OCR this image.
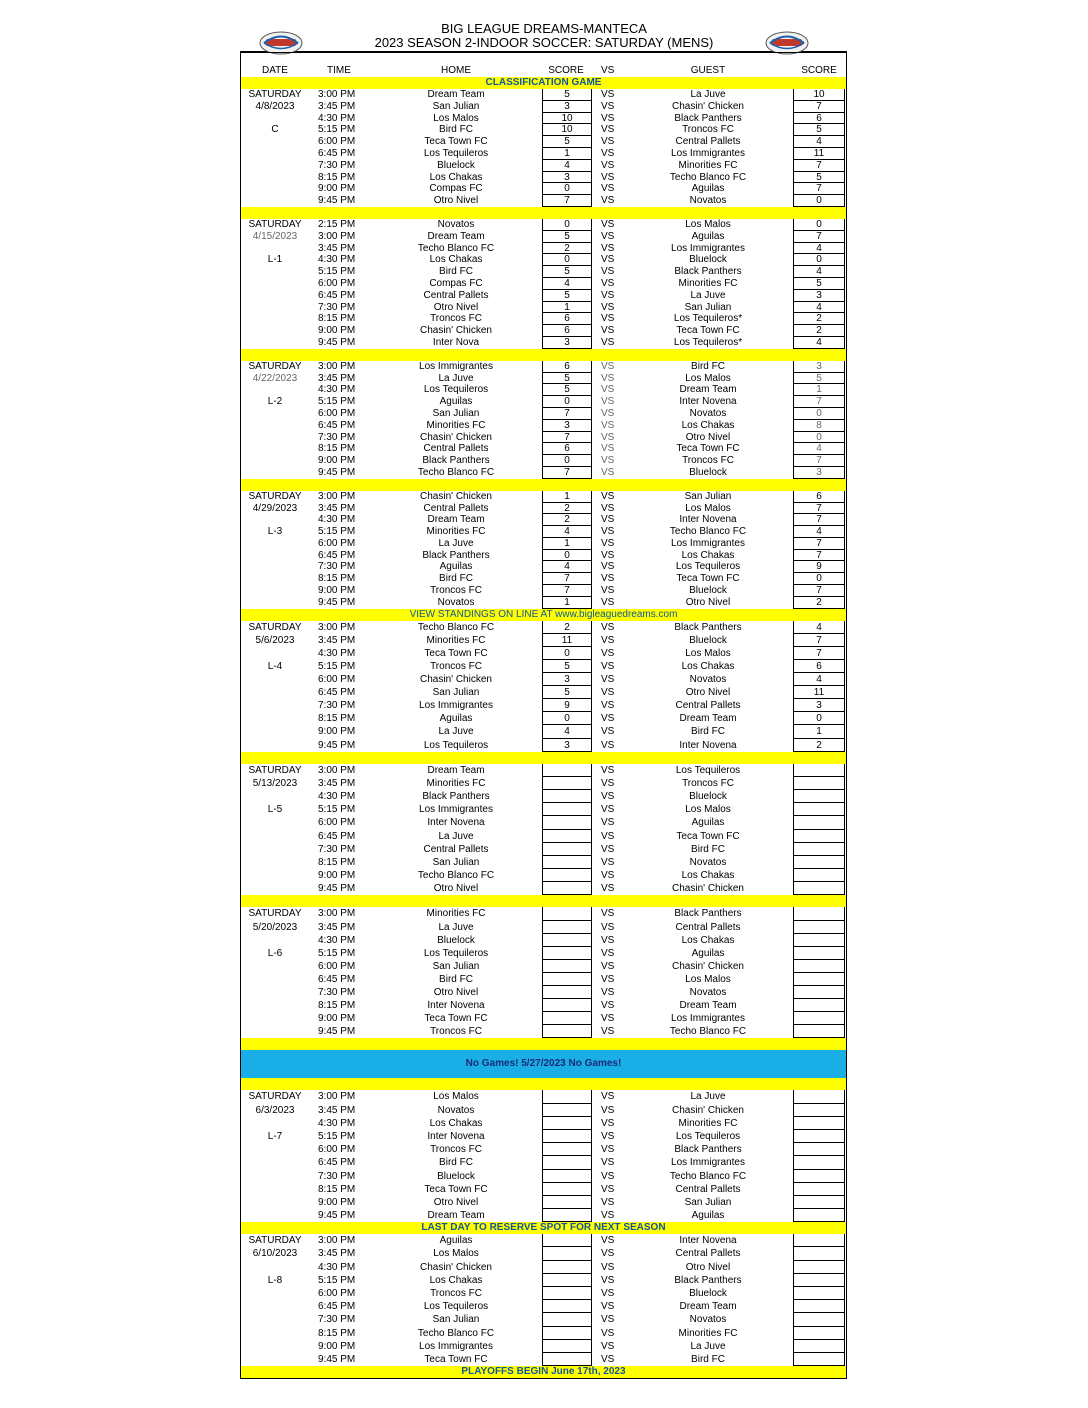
BIG LEAGUE DREAMS-MANTECA
2023 SEASON 2-INDOOR SOCCER: SATURDAY (MENS)
DATE	TIME	HOME	SCORE	VS	GUEST	SCORE
CLASSIFICATION GAME
SATURDAY	3:00 PM	Dream Team	5	VS	La Juve	10
4/8/2023	3:45 PM	San Julian	3	VS	Chasin' Chicken	7
4:30 PM	Los Malos	10	VS	Black Panthers	6
C	5:15 PM	Bird FC	10	VS	Troncos FC	5
6:00 PM	Teca Town FC	5	VS	Central Pallets	4
6:45 PM	Los Tequileros	1	VS	Los Immigrantes	11
7:30 PM	Bluelock	4	VS	Minorities FC	7
8:15 PM	Los Chakas	3	VS	Techo Blanco FC	5
9:00 PM	Compas FC	0	VS	Aguilas	7
9:45 PM	Otro Nivel	7	VS	Novatos	0
SATURDAY	2:15 PM	Novatos	0	VS	Los Malos	0
4/15/2023	3:00 PM	Dream Team	5	VS	Aguilas	7
3:45 PM	Techo Blanco FC	2	VS	Los Immigrantes	4
L-1	4:30 PM	Los Chakas	0	VS	Bluelock	0
5:15 PM	Bird FC	5	VS	Black Panthers	4
6:00 PM	Compas FC	4	VS	Minorities FC	5
6:45 PM	Central Pallets	5	VS	La Juve	3
7:30 PM	Otro Nivel	1	VS	San Julian	4
8:15 PM	Troncos FC	6	VS	Los Tequileros*	2
9:00 PM	Chasin' Chicken	6	VS	Teca Town FC	2
9:45 PM	Inter Nova	3	VS	Los Tequileros*	4
SATURDAY	3:00 PM	Los Immigrantes	6	VS	Bird FC	3
4/22/2023	3:45 PM	La Juve	5	VS	Los Malos	5
4:30 PM	Los Tequileros	5	VS	Dream Team	1
L-2	5:15 PM	Aguilas	0	VS	Inter Novena	7
6:00 PM	San Julian	7	VS	Novatos	0
6:45 PM	Minorities FC	3	VS	Los Chakas	8
7:30 PM	Chasin' Chicken	7	VS	Otro Nivel	0
8:15 PM	Central Pallets	6	VS	Teca Town FC	4
9:00 PM	Black Panthers	0	VS	Troncos FC	7
9:45 PM	Techo Blanco FC	7	VS	Bluelock	3
SATURDAY	3:00 PM	Chasin' Chicken	1	VS	San Julian	6
4/29/2023	3:45 PM	Central Pallets	2	VS	Los Malos	7
4:30 PM	Dream Team	2	VS	Inter Novena	7
L-3	5:15 PM	Minorities FC	4	VS	Techo Blanco FC	4
6:00 PM	La Juve	1	VS	Los Immigrantes	7
6:45 PM	Black Panthers	0	VS	Los Chakas	7
7:30 PM	Aguilas	4	VS	Los Tequileros	9
8:15 PM	Bird FC	7	VS	Teca Town FC	0
9:00 PM	Troncos FC	7	VS	Bluelock	7
9:45 PM	Novatos	1	VS	Otro Nivel	2
VIEW STANDINGS ON LINE AT www.bigleaguedreams.com
SATURDAY	3:00 PM	Techo Blanco FC	2	VS	Black Panthers	4
5/6/2023	3:45 PM	Minorities FC	11	VS	Bluelock	7
4:30 PM	Teca Town FC	0	VS	Los Malos	7
L-4	5:15 PM	Troncos FC	5	VS	Los Chakas	6
6:00 PM	Chasin' Chicken	3	VS	Novatos	4
6:45 PM	San Julian	5	VS	Otro Nivel	11
7:30 PM	Los Immigrantes	9	VS	Central Pallets	3
8:15 PM	Aguilas	0	VS	Dream Team	0
9:00 PM	La Juve	4	VS	Bird FC	1
9:45 PM	Los Tequileros	3	VS	Inter Novena	2
SATURDAY	3:00 PM	Dream Team	VS	Los Tequileros
5/13/2023	3:45 PM	Minorities FC	VS	Troncos FC
4:30 PM	Black Panthers	VS	Bluelock
L-5	5:15 PM	Los Immigrantes	VS	Los Malos
6:00 PM	Inter Novena	VS	Aguilas
6:45 PM	La Juve	VS	Teca Town FC
7:30 PM	Central Pallets	VS	Bird FC
8:15 PM	San Julian	VS	Novatos
9:00 PM	Techo Blanco FC	VS	Los Chakas
9:45 PM	Otro Nivel	VS	Chasin' Chicken
SATURDAY	3:00 PM	Minorities FC	VS	Black Panthers
5/20/2023	3:45 PM	La Juve	VS	Central Pallets
4:30 PM	Bluelock	VS	Los Chakas
L-6	5:15 PM	Los Tequileros	VS	Aguilas
6:00 PM	San Julian	VS	Chasin' Chicken
6:45 PM	Bird FC	VS	Los Malos
7:30 PM	Otro Nivel	VS	Novatos
8:15 PM	Inter Novena	VS	Dream Team
9:00 PM	Teca Town FC	VS	Los Immigrantes
9:45 PM	Troncos FC	VS	Techo Blanco FC
No Games! 5/27/2023 No Games!
SATURDAY	3:00 PM	Los Malos	VS	La Juve
6/3/2023	3:45 PM	Novatos	VS	Chasin' Chicken
4:30 PM	Los Chakas	VS	Minorities FC
L-7	5:15 PM	Inter Novena	VS	Los Tequileros
6:00 PM	Troncos FC	VS	Black Panthers
6:45 PM	Bird FC	VS	Los Immigrantes
7:30 PM	Bluelock	VS	Techo Blanco FC
8:15 PM	Teca Town FC	VS	Central Pallets
9:00 PM	Otro Nivel	VS	San Julian
9:45 PM	Dream Team	VS	Aguilas
LAST DAY TO RESERVE SPOT FOR NEXT SEASON
SATURDAY	3:00 PM	Aguilas	VS	Inter Novena
6/10/2023	3:45 PM	Los Malos	VS	Central Pallets
4:30 PM	Chasin' Chicken	VS	Otro Nivel
L-8	5:15 PM	Los Chakas	VS	Black Panthers
6:00 PM	Troncos FC	VS	Bluelock
6:45 PM	Los Tequileros	VS	Dream Team
7:30 PM	San Julian	VS	Novatos
8:15 PM	Techo Blanco FC	VS	Minorities FC
9:00 PM	Los Immigrantes	VS	La Juve
9:45 PM	Teca Town FC	VS	Bird FC
PLAYOFFS BEGIN June 17th, 2023
